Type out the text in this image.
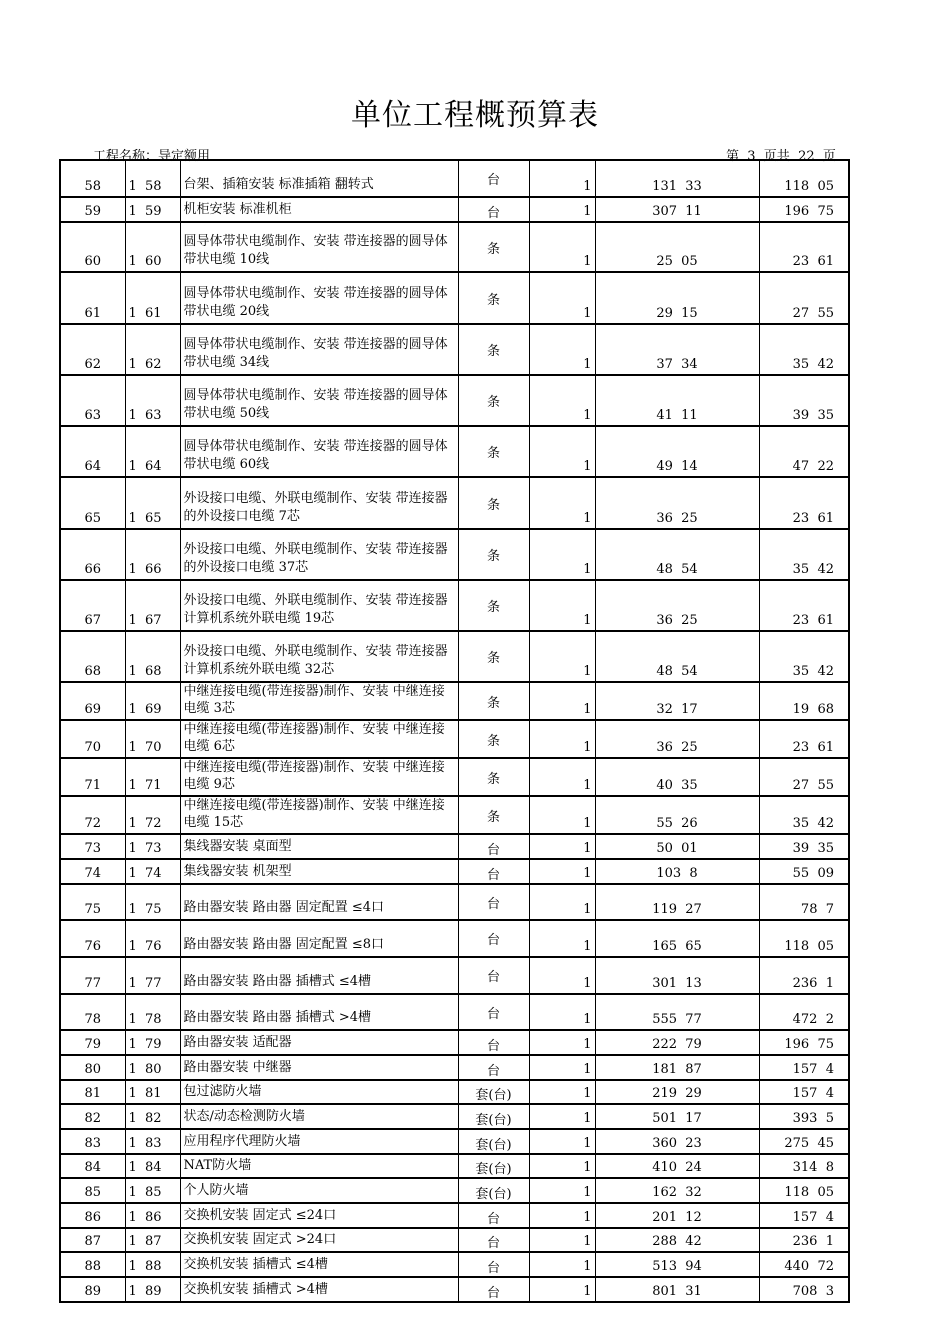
单位工程概预算表
工程名称：导定额用	第  3  页共  22  页
58	1  58	台架、插箱安装 标准插箱 翻转式	台	1	131  33	118  05

59	1  59	机柜安装 标准机柜	台	1	307  11	196  75

60	1  60	圆导体带状电缆制作、安装 带连接器的圆导体带状电缆 10线	条	1	25  05	23  61

61	1  61	圆导体带状电缆制作、安装 带连接器的圆导体带状电缆 20线	条	1	29  15	27  55

62	1  62	圆导体带状电缆制作、安装 带连接器的圆导体带状电缆 34线	条	1	37  34	35  42

63	1  63	圆导体带状电缆制作、安装 带连接器的圆导体带状电缆 50线	条	1	41  11	39  35

64	1  64	圆导体带状电缆制作、安装 带连接器的圆导体带状电缆 60线	条	1	49  14	47  22

65	1  65	外设接口电缆、外联电缆制作、安装 带连接器的外设接口电缆 7芯	条	1	36  25	23  61

66	1  66	外设接口电缆、外联电缆制作、安装 带连接器的外设接口电缆 37芯	条	1	48  54	35  42

67	1  67	外设接口电缆、外联电缆制作、安装 带连接器计算机系统外联电缆 19芯	条	1	36  25	23  61

68	1  68	外设接口电缆、外联电缆制作、安装 带连接器计算机系统外联电缆 32芯	条	1	48  54	35  42

69	1  69	中继连接电缆(带连接器)制作、安装 中继连接电缆 3芯	条	1	32  17	19  68

70	1  70	中继连接电缆(带连接器)制作、安装 中继连接电缆 6芯	条	1	36  25	23  61

71	1  71	中继连接电缆(带连接器)制作、安装 中继连接电缆 9芯	条	1	40  35	27  55

72	1  72	中继连接电缆(带连接器)制作、安装 中继连接电缆 15芯	条	1	55  26	35  42

73	1  73	集线器安装 桌面型	台	1	50  01	39  35

74	1  74	集线器安装 机架型	台	1	103  8	55  09

75	1  75	路由器安装 路由器 固定配置 ≤4口	台	1	119  27	78  7

76	1  76	路由器安装 路由器 固定配置 ≤8口	台	1	165  65	118  05

77	1  77	路由器安装 路由器 插槽式 ≤4槽	台	1	301  13	236  1

78	1  78	路由器安装 路由器 插槽式 >4槽	台	1	555  77	472  2

79	1  79	路由器安装 适配器	台	1	222  79	196  75

80	1  80	路由器安装 中继器	台	1	181  87	157  4

81	1  81	包过滤防火墙	套(台)	1	219  29	157  4

82	1  82	状态/动态检测防火墙	套(台)	1	501  17	393  5

83	1  83	应用程序代理防火墙	套(台)	1	360  23	275  45

84	1  84	NAT防火墙	套(台)	1	410  24	314  8

85	1  85	个人防火墙	套(台)	1	162  32	118  05

86	1  86	交换机安装 固定式 ≤24口	台	1	201  12	157  4

87	1  87	交换机安装 固定式 >24口	台	1	288  42	236  1

88	1  88	交换机安装 插槽式 ≤4槽	台	1	513  94	440  72

89	1  89	交换机安装 插槽式 >4槽	台	1	801  31	708  3
